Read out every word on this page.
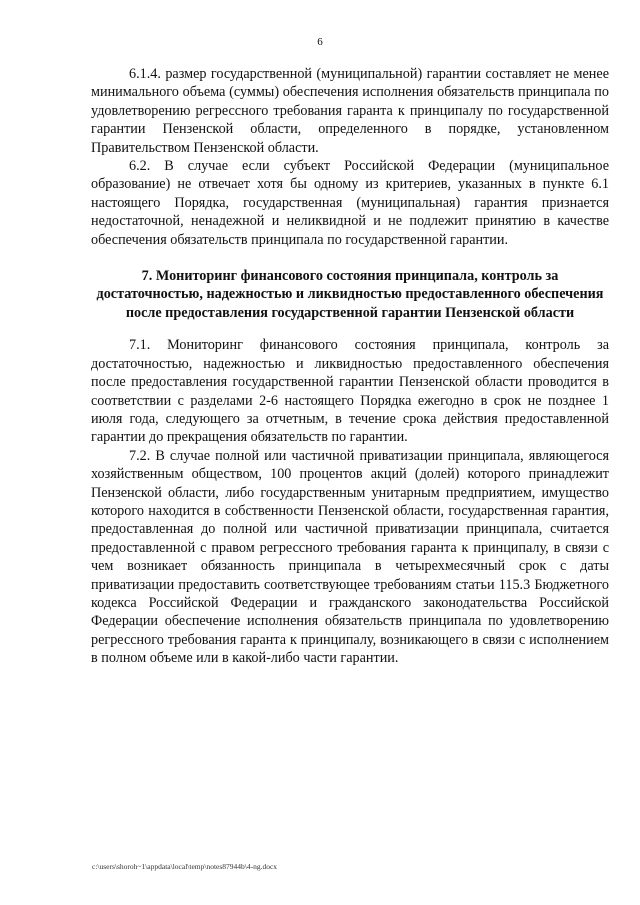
6

6.1.4. размер государственной (муниципальной) гарантии составляет не менее минимального объема (суммы) обеспечения исполнения обязательств принципала по удовлетворению регрессного требования гаранта к принципалу по государственной гарантии Пензенской области, определенного в порядке, установленном Правительством Пензенской области.

6.2. В случае если субъект Российской Федерации (муниципальное образование) не отвечает хотя бы одному из критериев, указанных в пункте 6.1 настоящего Порядка, государственная (муниципальная) гарантия признается недостаточной, ненадежной и неликвидной и не подлежит принятию в качестве обеспечения обязательств принципала по государственной гарантии.

7. Мониторинг финансового состояния принципала, контроль за достаточностью, надежностью и ликвидностью предоставленного обеспечения после предоставления государственной гарантии Пензенской области

7.1. Мониторинг финансового состояния принципала, контроль за достаточностью, надежностью и ликвидностью предоставленного обеспечения после предоставления государственной гарантии Пензенской области проводится в соответствии с разделами 2-6 настоящего Порядка ежегодно в срок не позднее 1 июля года, следующего за отчетным, в течение срока действия предоставленной гарантии до прекращения обязательств по гарантии.

7.2. В случае полной или частичной приватизации принципала, являющегося хозяйственным обществом, 100 процентов акций (долей) которого принадлежит Пензенской области, либо государственным унитарным предприятием, имущество которого находится в собственности Пензенской области, государственная гарантия, предоставленная до полной или частичной приватизации принципала, считается предоставленной с правом регрессного требования гаранта к принципалу, в связи с чем возникает обязанность принципала в четырехмесячный срок с даты приватизации предоставить соответствующее требованиям статьи 115.3 Бюджетного кодекса Российской Федерации и гражданского законодательства Российской Федерации обеспечение исполнения обязательств принципала по удовлетворению регрессного требования гаранта к принципалу, возникающего в связи с исполнением в полном объеме или в какой-либо части гарантии.

c:\users\shoroh~1\appdata\local\temp\notes87944b\4-ng.docx
